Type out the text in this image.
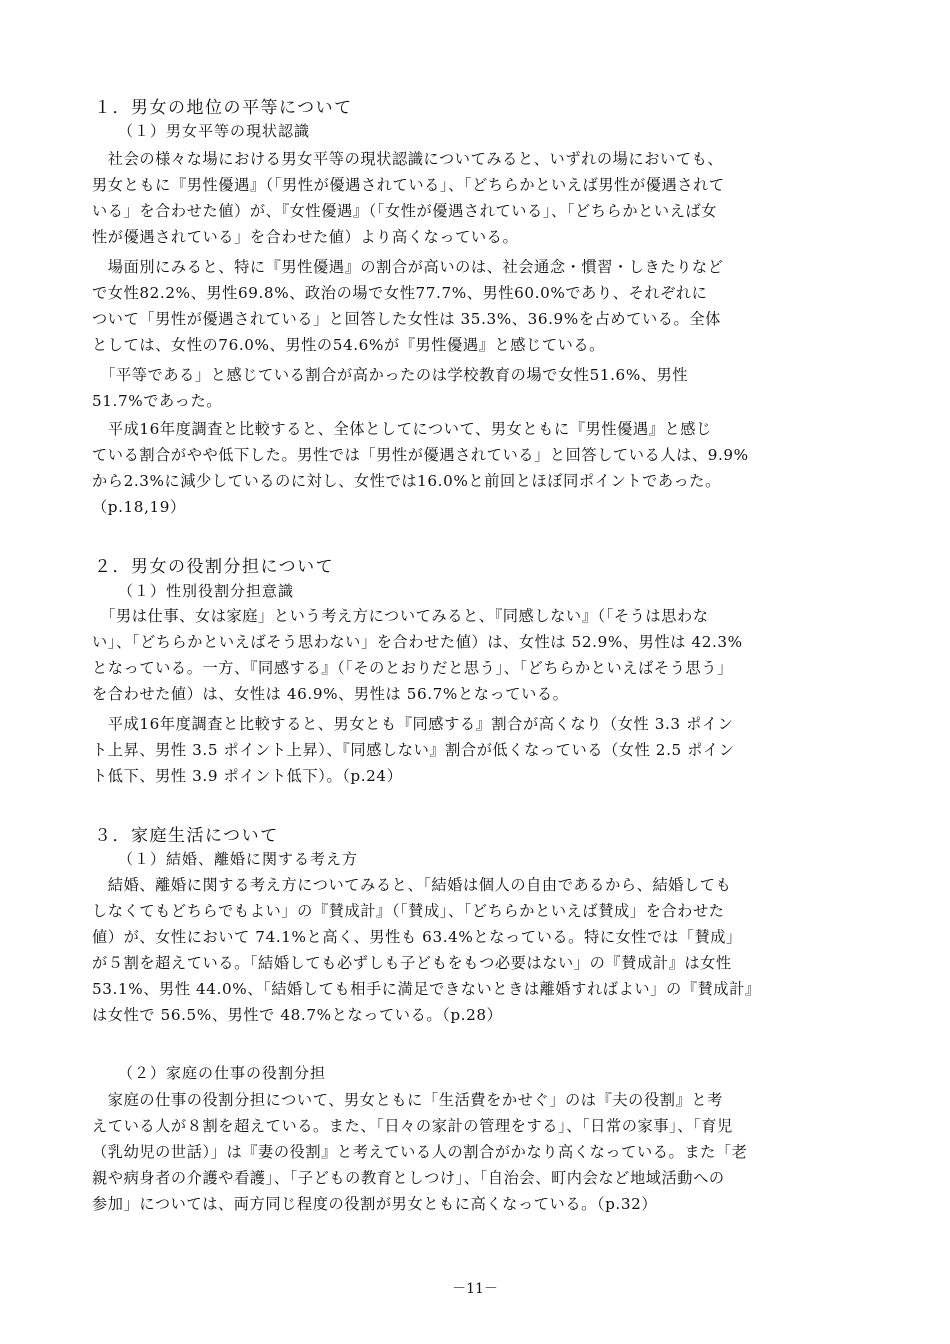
１．男女の地位の平等について
（１）男女平等の現状認識
　社会の様々な場における男女平等の現状認識についてみると、いずれの場においても、
男女ともに『男性優遇』（「男性が優遇されている」、「どちらかといえば男性が優遇されて
いる」を合わせた値）が、『女性優遇』（「女性が優遇されている」、「どちらかといえば女
性が優遇されている」を合わせた値）より高くなっている。
　場面別にみると、特に『男性優遇』の割合が高いのは、社会通念・慣習・しきたりなど
で女性82.2%、男性69.8%、政治の場で女性77.7%、男性60.0%であり、それぞれに
ついて「男性が優遇されている」と回答した女性は 35.3%、36.9%を占めている。全体
としては、女性の76.0%、男性の54.6%が『男性優遇』と感じている。
　「平等である」と感じている割合が高かったのは学校教育の場で女性51.6%、男性
51.7%であった。
　平成16年度調査と比較すると、全体としてについて、男女ともに『男性優遇』と感じ
ている割合がやや低下した。男性では「男性が優遇されている」と回答している人は、9.9%
から2.3%に減少しているのに対し、女性では16.0%と前回とほぼ同ポイントであった。
（p.18,19）
２．男女の役割分担について
（１）性別役割分担意識
　「男は仕事、女は家庭」という考え方についてみると、『同感しない』（「そうは思わな
い」、「どちらかといえばそう思わない」を合わせた値）は、女性は 52.9%、男性は 42.3%
となっている。一方、『同感する』（「そのとおりだと思う」、「どちらかといえばそう思う」
を合わせた値）は、女性は 46.9%、男性は 56.7%となっている。
　平成16年度調査と比較すると、男女とも『同感する』割合が高くなり（女性 3.3 ポイン
ト上昇、男性 3.5 ポイント上昇）、『同感しない』割合が低くなっている（女性 2.5 ポイン
ト低下、男性 3.9 ポイント低下）。（p.24）
３．家庭生活について
（１）結婚、離婚に関する考え方
　結婚、離婚に関する考え方についてみると、「結婚は個人の自由であるから、結婚しても
しなくてもどちらでもよい」の『賛成計』（「賛成」、「どちらかといえば賛成」を合わせた
値）が、女性において 74.1%と高く、男性も 63.4%となっている。特に女性では「賛成」
が５割を超えている。「結婚しても必ずしも子どもをもつ必要はない」の『賛成計』は女性
53.1%、男性 44.0%、「結婚しても相手に満足できないときは離婚すればよい」の『賛成計』
は女性で 56.5%、男性で 48.7%となっている。（p.28）
（２）家庭の仕事の役割分担
　家庭の仕事の役割分担について、男女ともに「生活費をかせぐ」のは『夫の役割』と考
えている人が８割を超えている。また、「日々の家計の管理をする」、「日常の家事」、「育児
（乳幼児の世話）」は『妻の役割』と考えている人の割合がかなり高くなっている。また「老
親や病身者の介護や看護」、「子どもの教育としつけ」、「自治会、町内会など地域活動への
参加」については、両方同じ程度の役割が男女ともに高くなっている。（p.32）
－11－
